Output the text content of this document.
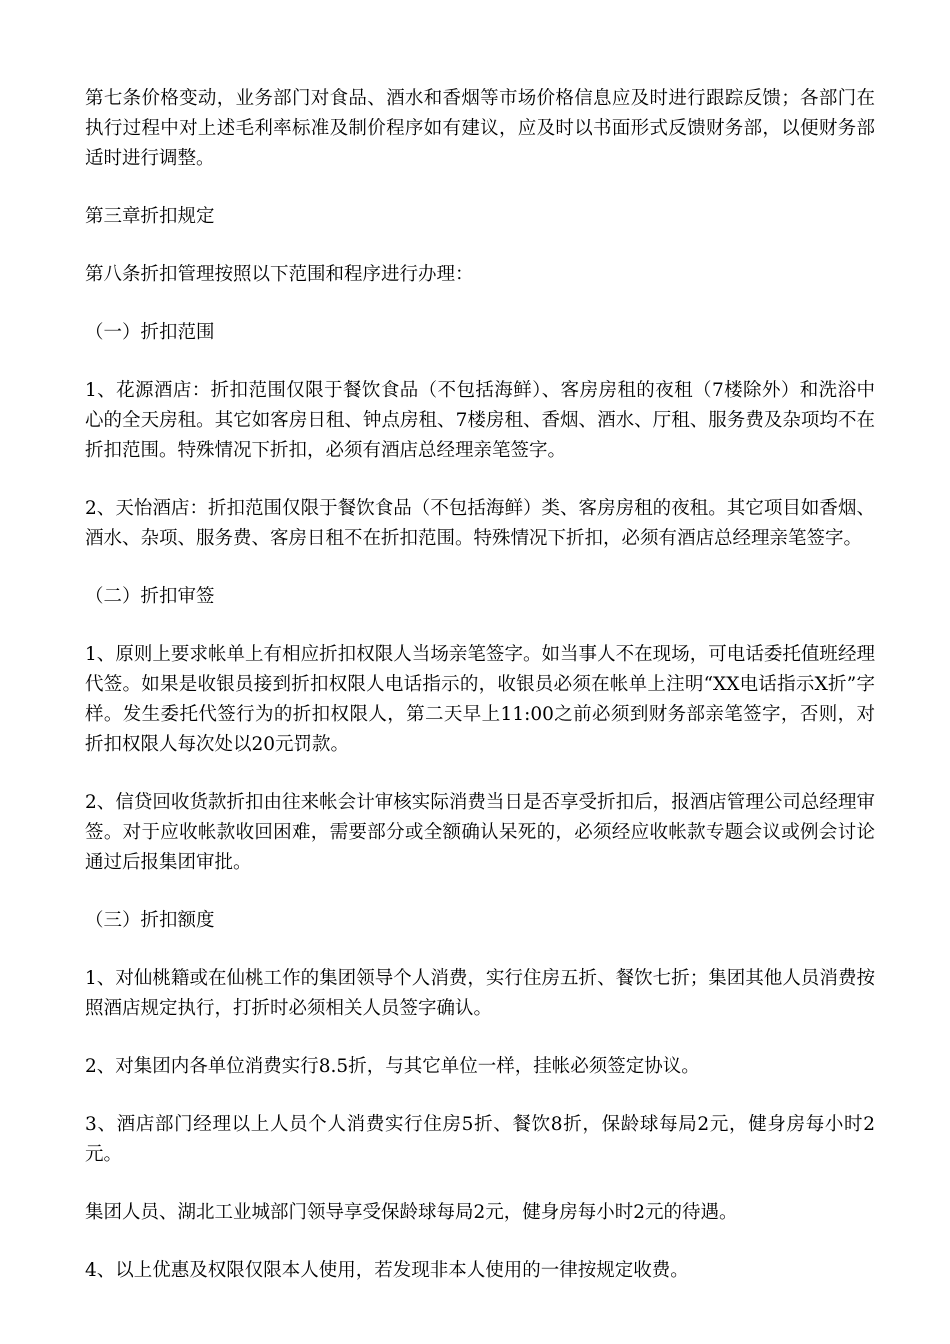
第七条价格变动，业务部门对食品、酒水和香烟等市场价格信息应及时进行跟踪反馈；各部门在执行过程中对上述毛利率标准及制价程序如有建议，应及时以书面形式反馈财务部，以便财务部适时进行调整。

第三章折扣规定

第八条折扣管理按照以下范围和程序进行办理：

（一）折扣范围

1、花源酒店：折扣范围仅限于餐饮食品（不包括海鲜）、客房房租的夜租（7楼除外）和洗浴中心的全天房租。其它如客房日租、钟点房租、7楼房租、香烟、酒水、厅租、服务费及杂项均不在折扣范围。特殊情况下折扣，必须有酒店总经理亲笔签字。

2、天怡酒店：折扣范围仅限于餐饮食品（不包括海鲜）类、客房房租的夜租。其它项目如香烟、酒水、杂项、服务费、客房日租不在折扣范围。特殊情况下折扣，必须有酒店总经理亲笔签字。

（二）折扣审签

1、原则上要求帐单上有相应折扣权限人当场亲笔签字。如当事人不在现场，可电话委托值班经理代签。如果是收银员接到折扣权限人电话指示的，收银员必须在帐单上注明“XX电话指示X折”字样。发生委托代签行为的折扣权限人，第二天早上11:00之前必须到财务部亲笔签字，否则，对折扣权限人每次处以20元罚款。

2、信贷回收货款折扣由往来帐会计审核实际消费当日是否享受折扣后，报酒店管理公司总经理审签。对于应收帐款收回困难，需要部分或全额确认呆死的，必须经应收帐款专题会议或例会讨论通过后报集团审批。

（三）折扣额度

1、对仙桃籍或在仙桃工作的集团领导个人消费，实行住房五折、餐饮七折；集团其他人员消费按照酒店规定执行，打折时必须相关人员签字确认。

2、对集团内各单位消费实行8.5折，与其它单位一样，挂帐必须签定协议。

3、酒店部门经理以上人员个人消费实行住房5折、餐饮8折，保龄球每局2元，健身房每小时2元。

集团人员、湖北工业城部门领导享受保龄球每局2元，健身房每小时2元的待遇。

4、以上优惠及权限仅限本人使用，若发现非本人使用的一律按规定收费。
